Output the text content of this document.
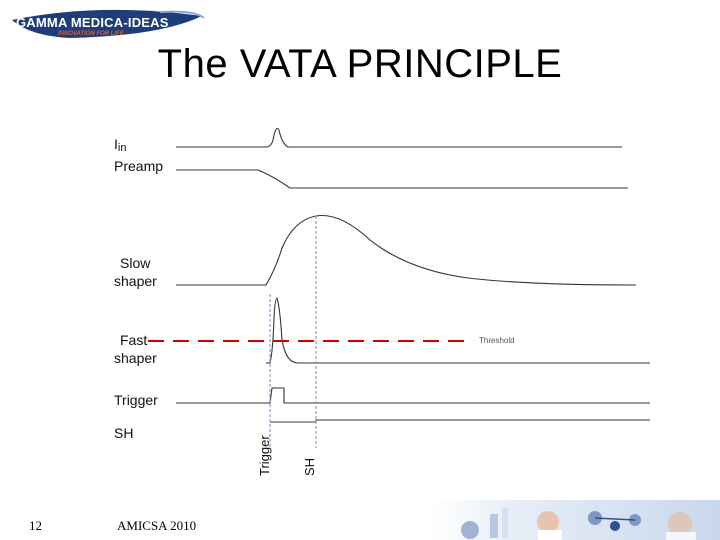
GAMMA MEDICA-IDEAS
INNOVATION FOR LIFE
The VATA PRINCIPLE
Iin
Preamp
Slow
shaper
Fast
shaper
Trigger
SH
Threshold
Trigger SH
12	AMICSA 2010
